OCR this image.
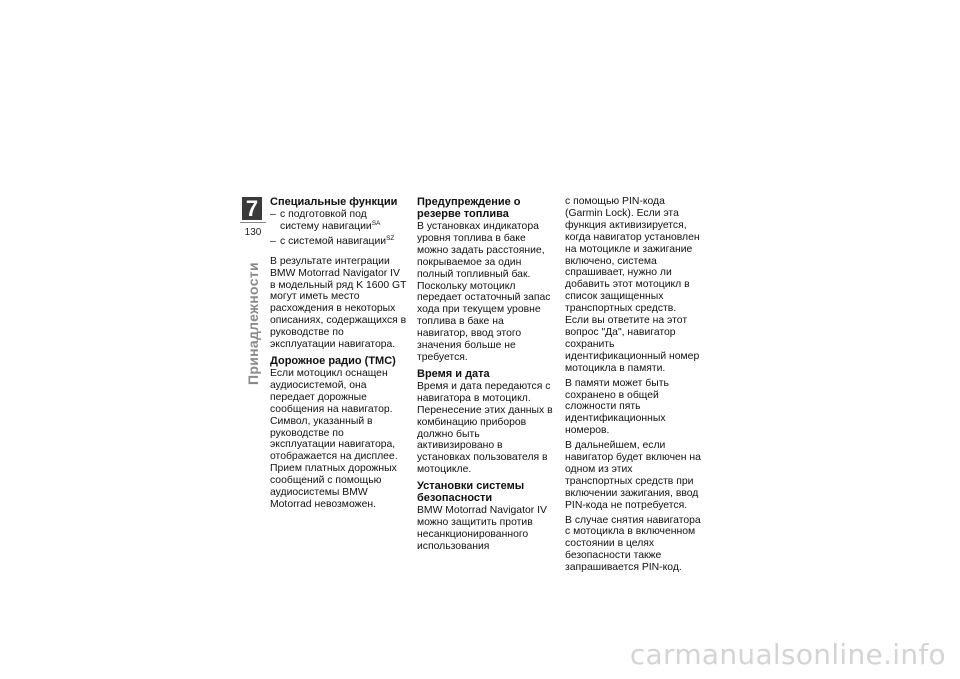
7
130
Принадлежности
Специальные функции

– с подготовкой под систему навигации$^{SA}$

– с системой навигации$^{SZ}$

В результате интеграции BMW Motorrad Navigator IV в модельный ряд K 1600 GT могут иметь место расхождения в некоторых описаниях, содержащихся в руководстве по эксплуатации навигатора.

Дорожное радио (TMC)

Если мотоцикл оснащен аудиосистемой, она передает дорожные сообщения на навигатор. Символ, указанный в руководстве по эксплуатации навигатора, отображается на дисплее. Прием платных дорожных сообщений с помощью аудиосистемы BMW Motorrad невозможен.

Предупреждение о резерве топлива

В установках индикатора уровня топлива в баке можно задать расстояние, покрываемое за один полный топливный бак. Поскольку мотоцикл передает остаточный запас хода при текущем уровне топлива в баке на навигатор, ввод этого значения больше не требуется.

Время и дата

Время и дата передаются с навигатора в мотоцикл. Перенесение этих данных в комбинацию приборов должно быть активизировано в установках пользователя в мотоцикле.

Установки системы безопасности

BMW Motorrad Navigator IV можно защитить против несанкционированного использования

с помощью PIN-кода (Garmin Lock). Если эта функция активизируется, когда навигатор установлен на мотоцикле и зажигание включено, система спрашивает, нужно ли добавить этот мотоцикл в список защищенных транспортных средств. Если вы ответите на этот вопрос "Да", навигатор сохранить идентификационный номер мотоцикла в памяти.

В памяти может быть сохранено в общей сложности пять идентификационных номеров.

В дальнейшем, если навигатор будет включен на одном из этих транспортных средств при включении зажигания, ввод PIN-кода не потребуется.

В случае снятия навигатора с мотоцикла в включенном состоянии в целях безопасности также запрашивается PIN-код.

carmanualsonline.info
